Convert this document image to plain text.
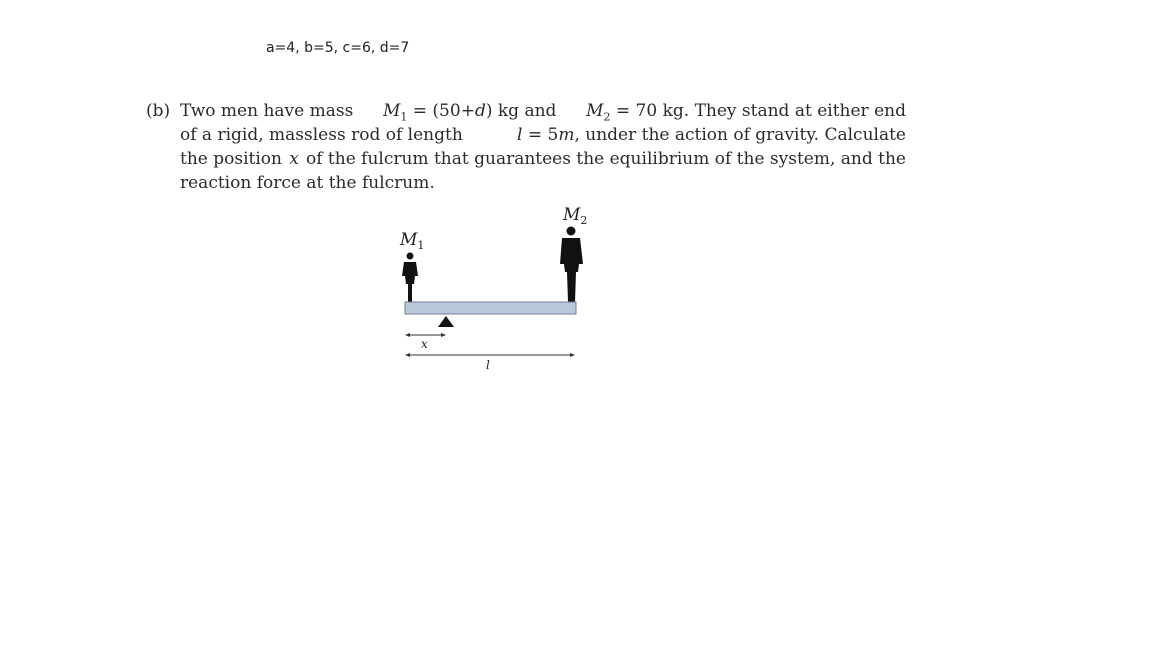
a=4, b=5, c=6, d=7
(b) Two men have mass $M_1 = (50+d)$ kg and $M_2 = 70$ kg. They stand at either end
of a rigid, massless rod of length	l = 5m, under the action of gravity. Calculate
the position x of the fulcrum that guarantees the equilibrium of the system, and the
reaction force at the fulcrum.
$M_2$
$M_1$
x
l
